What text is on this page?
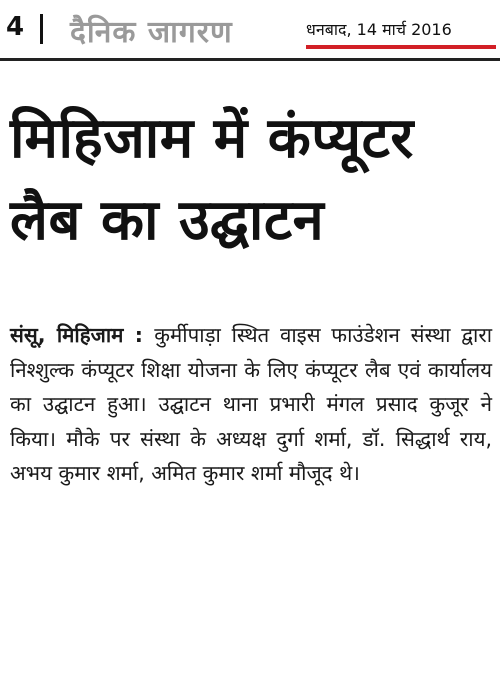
4 दैनिक जागरण	धनबाद, 14 मार्च 2016
मिहिजाम में कंप्यूटर
लैब का उद्घाटन
संसू, मिहिजाम : कुर्मीपाड़ा स्थित वाइस फाउंडेशन संस्था द्वारा निश्शुल्क कंप्यूटर शिक्षा योजना के लिए कंप्यूटर लैब एवं कार्यालय का उद्घाटन हुआ। उद्घाटन थाना प्रभारी मंगल प्रसाद कुजूर ने किया। मौके पर संस्था के अध्यक्ष दुर्गा शर्मा, डॉ. सिद्धार्थ राय, अभय कुमार शर्मा, अमित कुमार शर्मा मौजूद थे।
